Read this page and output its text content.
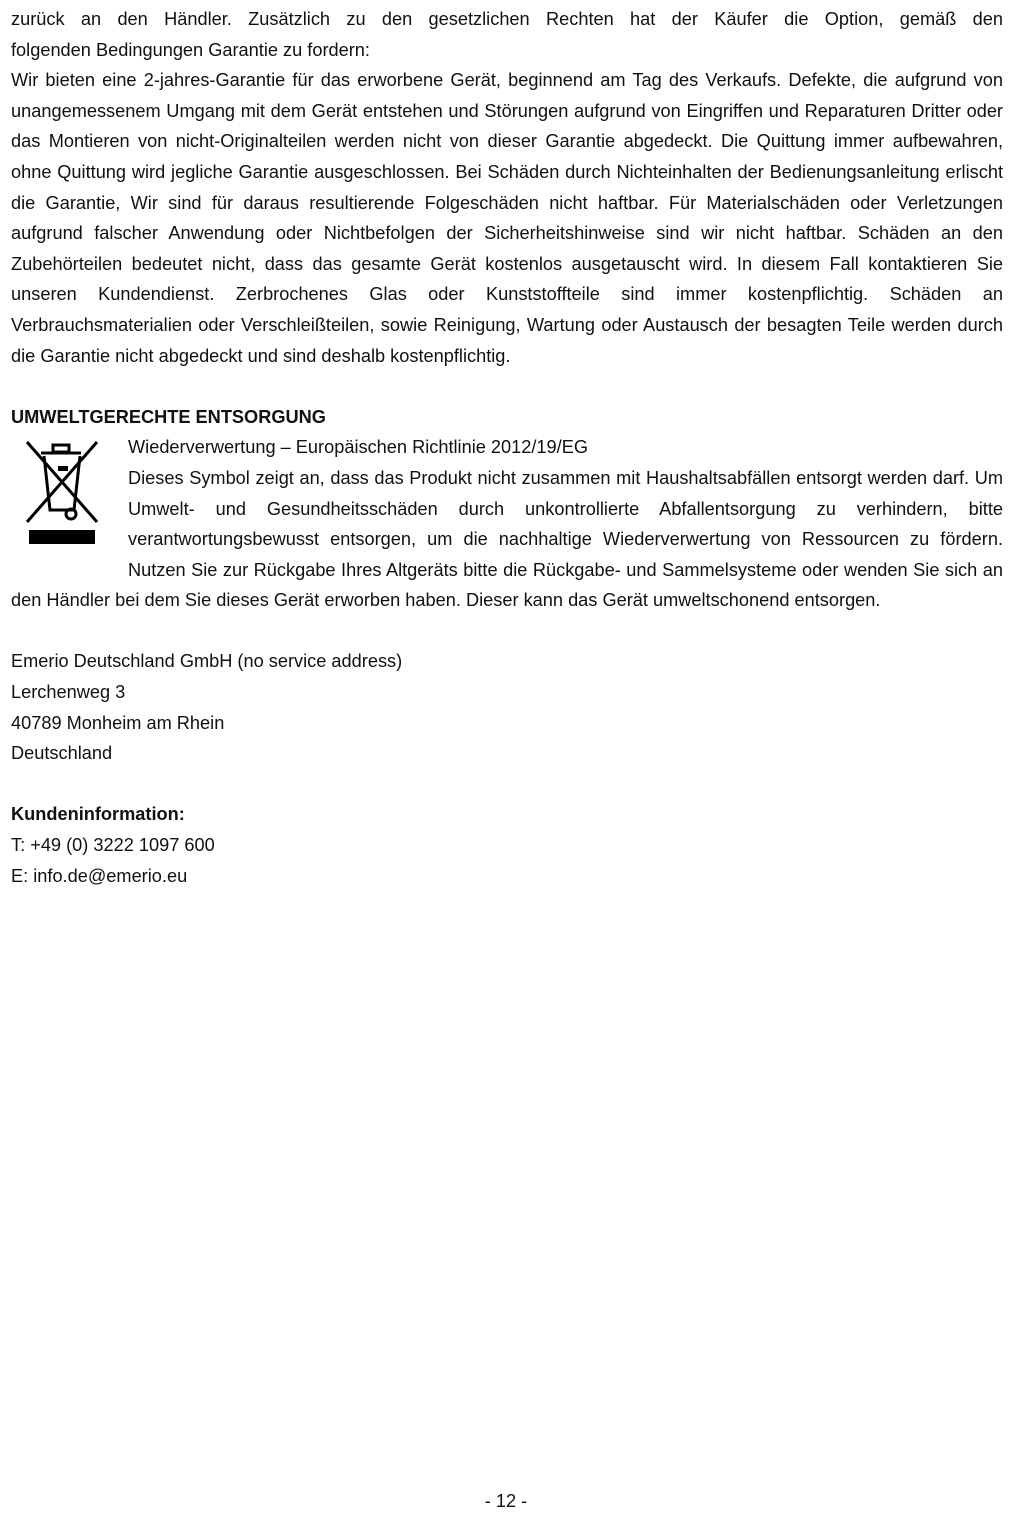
zurück an den Händler. Zusätzlich zu den gesetzlichen Rechten hat der Käufer die Option, gemäß den

folgenden Bedingungen Garantie zu fordern:

Wir bieten eine 2-jahres-Garantie für das erworbene Gerät, beginnend am Tag des Verkaufs. Defekte, die aufgrund von unangemessenem Umgang mit dem Gerät entstehen und Störungen aufgrund von Eingriffen und Reparaturen Dritter oder das Montieren von nicht-Originalteilen werden nicht von dieser Garantie abgedeckt. Die Quittung immer aufbewahren, ohne Quittung wird jegliche Garantie ausgeschlossen. Bei Schäden durch Nichteinhalten der Bedienungsanleitung erlischt die Garantie, Wir sind für daraus resultierende Folgeschäden nicht haftbar. Für Materialschäden oder Verletzungen aufgrund falscher Anwendung oder Nichtbefolgen der Sicherheitshinweise sind wir nicht haftbar. Schäden an den Zubehörteilen bedeutet nicht, dass das gesamte Gerät kostenlos ausgetauscht wird. In diesem Fall kontaktieren Sie unseren Kundendienst. Zerbrochenes Glas oder Kunststoffteile sind immer kostenpflichtig. Schäden an Verbrauchsmaterialien oder Verschleißteilen, sowie Reinigung, Wartung oder Austausch der besagten Teile werden durch die Garantie nicht abgedeckt und sind deshalb kostenpflichtig.

UMWELTGERECHTE ENTSORGUNG

Wiederverwertung – Europäischen Richtlinie 2012/19/EG

Dieses Symbol zeigt an, dass das Produkt nicht zusammen mit Haushaltsabfällen entsorgt werden darf. Um Umwelt- und Gesundheitsschäden durch unkontrollierte Abfallentsorgung zu verhindern, bitte verantwortungsbewusst entsorgen, um die nachhaltige Wiederverwertung von Ressourcen zu fördern. Nutzen Sie zur Rückgabe Ihres Altgeräts bitte die Rückgabe- und Sammelsysteme oder wenden Sie sich an den Händler bei dem Sie dieses Gerät erworben haben. Dieser kann das Gerät umweltschonend entsorgen.

Emerio Deutschland GmbH (no service address)

Lerchenweg 3

40789 Monheim am Rhein

Deutschland

Kundeninformation:

T: +49 (0) 3222 1097 600

E: info.de@emerio.eu

- 12 -
